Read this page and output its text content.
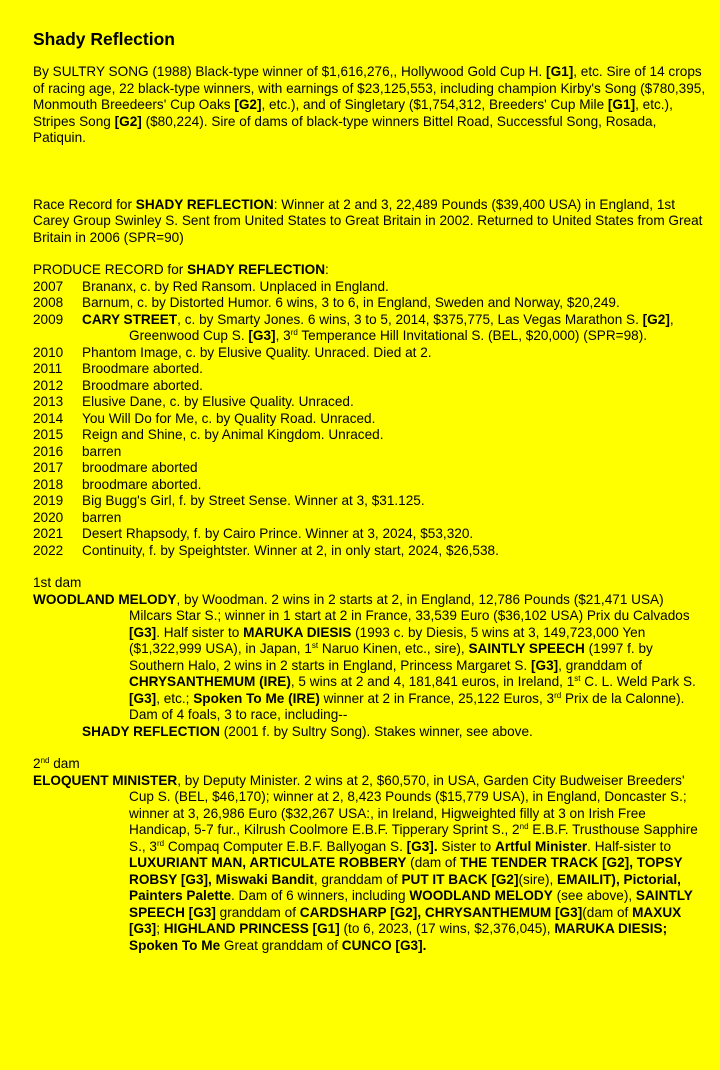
Shady Reflection

By SULTRY SONG (1988) Black-type winner of $1,616,276,, Hollywood Gold Cup H. [G1], etc. Sire of 14 crops of racing age, 22 black-type winners, with earnings of $23,125,553, including champion Kirby's Song ($780,395, Monmouth Breedeers' Cup Oaks [G2], etc.), and of Singletary ($1,754,312, Breeders' Cup Mile [G1], etc.), Stripes Song [G2] ($80,224). Sire of dams of black-type winners Bittel Road, Successful Song, Rosada, Patiquin.

Race Record for SHADY REFLECTION: Winner at 2 and 3, 22,489 Pounds ($39,400 USA) in England, 1st Carey Group Swinley S. Sent from United States to Great Britain in 2002. Returned to United States from Great Britain in 2006 (SPR=90)

PRODUCE RECORD for SHADY REFLECTION:

2007	Brananx, c. by Red Ransom. Unplaced in England.
2008	Barnum, c. by Distorted Humor. 6 wins, 3 to 6, in England, Sweden and Norway, $20,249.
2009	CARY STREET, c. by Smarty Jones. 6 wins, 3 to 5, 2014, $375,775, Las Vegas Marathon S. [G2], Greenwood Cup S. [G3], 3rd Temperance Hill Invitational S. (BEL, $20,000) (SPR=98).
2010	Phantom Image, c. by Elusive Quality. Unraced. Died at 2.
2011	Broodmare aborted.
2012	Broodmare aborted.
2013	Elusive Dane, c. by Elusive Quality. Unraced.
2014	You Will Do for Me, c. by Quality Road. Unraced.
2015	Reign and Shine, c. by Animal Kingdom. Unraced.
2016	barren
2017	broodmare aborted
2018	broodmare aborted.
2019	Big Bugg's Girl, f. by Street Sense. Winner at 3, $31.125.
2020	barren
2021	Desert Rhapsody, f. by Cairo Prince. Winner at 3, 2024, $53,320.
2022	Continuity, f. by Speightster. Winner at 2, in only start, 2024, $26,538.

1st dam

WOODLAND MELODY, by Woodman. 2 wins in 2 starts at 2, in England, 12,786 Pounds ($21,471 USA) Milcars Star S.; winner in 1 start at 2 in France, 33,539 Euro ($36,102 USA) Prix du Calvados [G3]. Half sister to MARUKA DIESIS (1993 c. by Diesis, 5 wins at 3, 149,723,000 Yen ($1,322,999 USA), in Japan, 1st Naruo Kinen, etc., sire), SAINTLY SPEECH (1997 f. by Southern Halo, 2 wins in 2 starts in England, Princess Margaret S. [G3], granddam of CHRYSANTHEMUM (IRE), 5 wins at 2 and 4, 181,841 euros, in Ireland, 1st C. L. Weld Park S. [G3], etc.; Spoken To Me (IRE) winner at 2 in France, 25,122 Euros, 3rd Prix de la Calonne). Dam of 4 foals, 3 to race, including--

SHADY REFLECTION (2001 f. by Sultry Song). Stakes winner, see above.

2nd dam

ELOQUENT MINISTER, by Deputy Minister. 2 wins at 2, $60,570, in USA, Garden City Budweiser Breeders' Cup S. (BEL, $46,170); winner at 2, 8,423 Pounds ($15,779 USA), in England, Doncaster S.; winner at 3, 26,986 Euro ($32,267 USA:, in Ireland, Higweighted filly at 3 on Irish Free Handicap, 5-7 fur., Kilrush Coolmore E.B.F. Tipperary Sprint S., 2nd E.B.F. Trusthouse Sapphire S., 3rd Compaq Computer E.B.F. Ballyogan S. [G3]. Sister to Artful Minister. Half-sister to LUXURIANT MAN, ARTICULATE ROBBERY (dam of THE TENDER TRACK [G2], TOPSY ROBSY [G3], Miswaki Bandit, granddam of PUT IT BACK [G2](sire), EMAILIT), Pictorial, Painters Palette. Dam of 6 winners, including WOODLAND MELODY (see above), SAINTLY SPEECH [G3] granddam of CARDSHARP [G2], CHRYSANTHEMUM [G3](dam of MAXUX [G3]; HIGHLAND PRINCESS [G1] (to 6, 2023, (17 wins, $2,376,045), MARUKA DIESIS; Spoken To Me Great granddam of CUNCO [G3].
